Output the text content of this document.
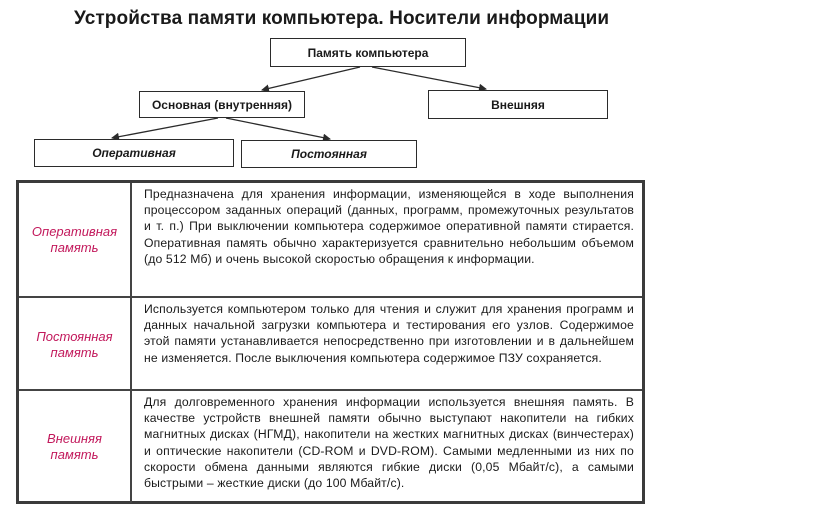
Устройства памяти компьютера. Носители информации
Память компьютера
Основная (внутренняя)	Внешняя
Оперативная	Постоянная
Оперативная память
Предназначена для хранения информации, изменяющейся в ходе выполнения процессором заданных операций (данных, программ, промежуточных результатов и т. п.) При выключении компьютера содержимое оперативной памяти стирается. Оперативная память обычно характеризуется сравнительно небольшим объемом (до 512 Мб) и очень высокой скоростью обращения к информации.
Постоянная память
Используется компьютером только для чтения и служит для хранения программ и данных начальной загрузки компьютера и тестирования его узлов. Содержимое этой памяти устанавливается непосредственно при изготовлении и в дальнейшем не изменяется. После выключения компьютера содержимое ПЗУ сохраняется.
Внешняя память
Для долговременного хранения информации используется внешняя память. В качестве устройств внешней памяти обычно выступают накопители на гибких магнитных дисках (НГМД), накопители на жестких магнитных дисках (винчестерах) и оптические накопители (CD-ROM и DVD-ROM). Самыми медленными из них по скорости обмена данными являются гибкие диски (0,05 Мбайт/с), а самыми быстрыми – жесткие диски (до 100 Мбайт/с).
